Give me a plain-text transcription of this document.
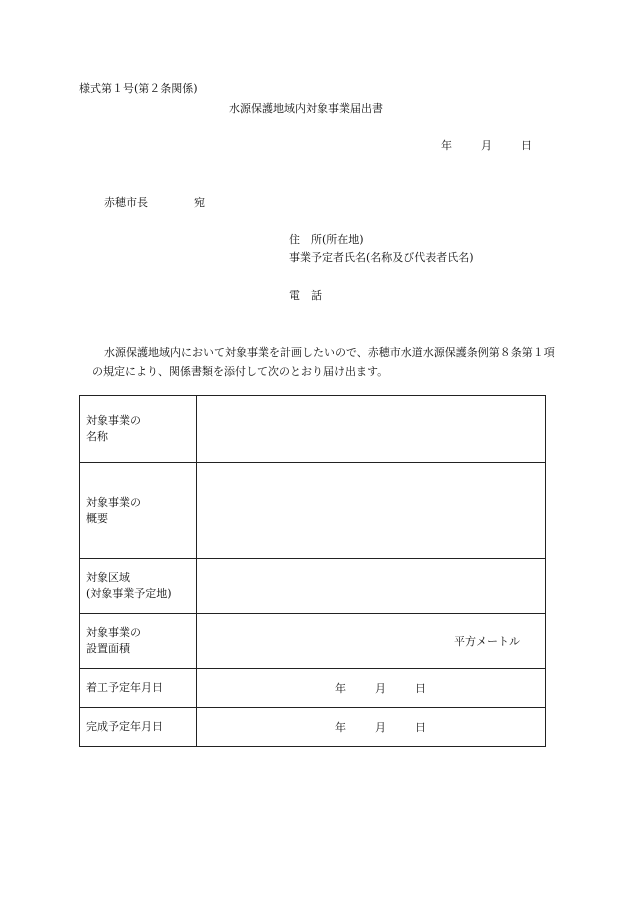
様式第１号(第２条関係)
水源保護地域内対象事業届出書
年	月	日
赤穂市長	宛
住　所(所在地)
事業予定者氏名(名称及び代表者氏名)
電　話
水源保護地域内において対象事業を計画したいので、赤穂市水道水源保護条例第８条第１項の規定により、関係書類を添付して次のとおり届け出ます。
対象事業の
名称	

対象事業の
概要	

対象区域
(対象事業予定地)	

対象事業の
設置面積	平方メートル

着工予定年月日	年 月 日

完成予定年月日	年 月 日
